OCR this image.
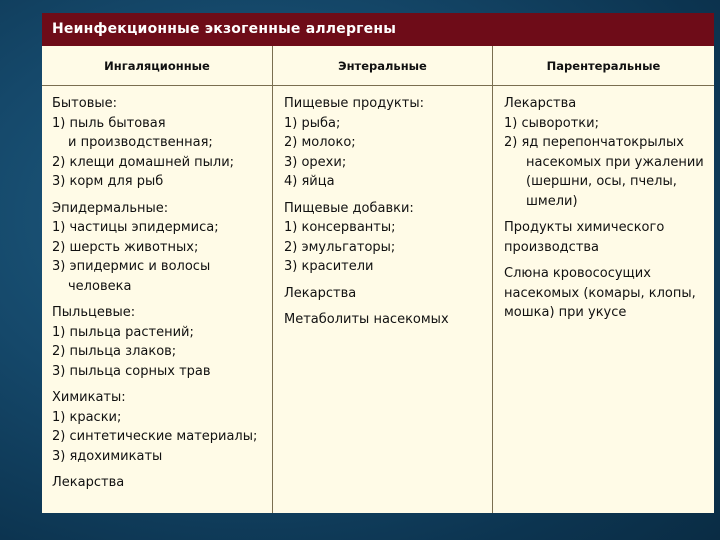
Неинфекционные экзогенные аллергены
Ингаляционные	Энтеральные	Парентеральные
Бытовые:
1) пыль бытовая
и производственная;
2) клещи домашней пыли;
3) корм для рыб
Эпидермальные:
1) частицы эпидермиса;
2) шерсть животных;
3) эпидермис и волосы
человека
Пыльцевые:
1) пыльца растений;
2) пыльца злаков;
3) пыльца сорных трав
Химикаты:
1) краски;
2) синтетические материалы;
3) ядохимикаты
Лекарства
Пищевые продукты:
1) рыба;
2) молоко;
3) орехи;
4) яйца
Пищевые добавки:
1) консерванты;
2) эмульгаторы;
3) красители
Лекарства
Метаболиты насекомых
Лекарства
1) сыворотки;
2) яд перепончатокрылых
насекомых при ужалении
(шершни, осы, пчелы,
шмели)
Продукты химического
производства
Слюна кровососущих
насекомых (комары, клопы,
мошка) при укусе
